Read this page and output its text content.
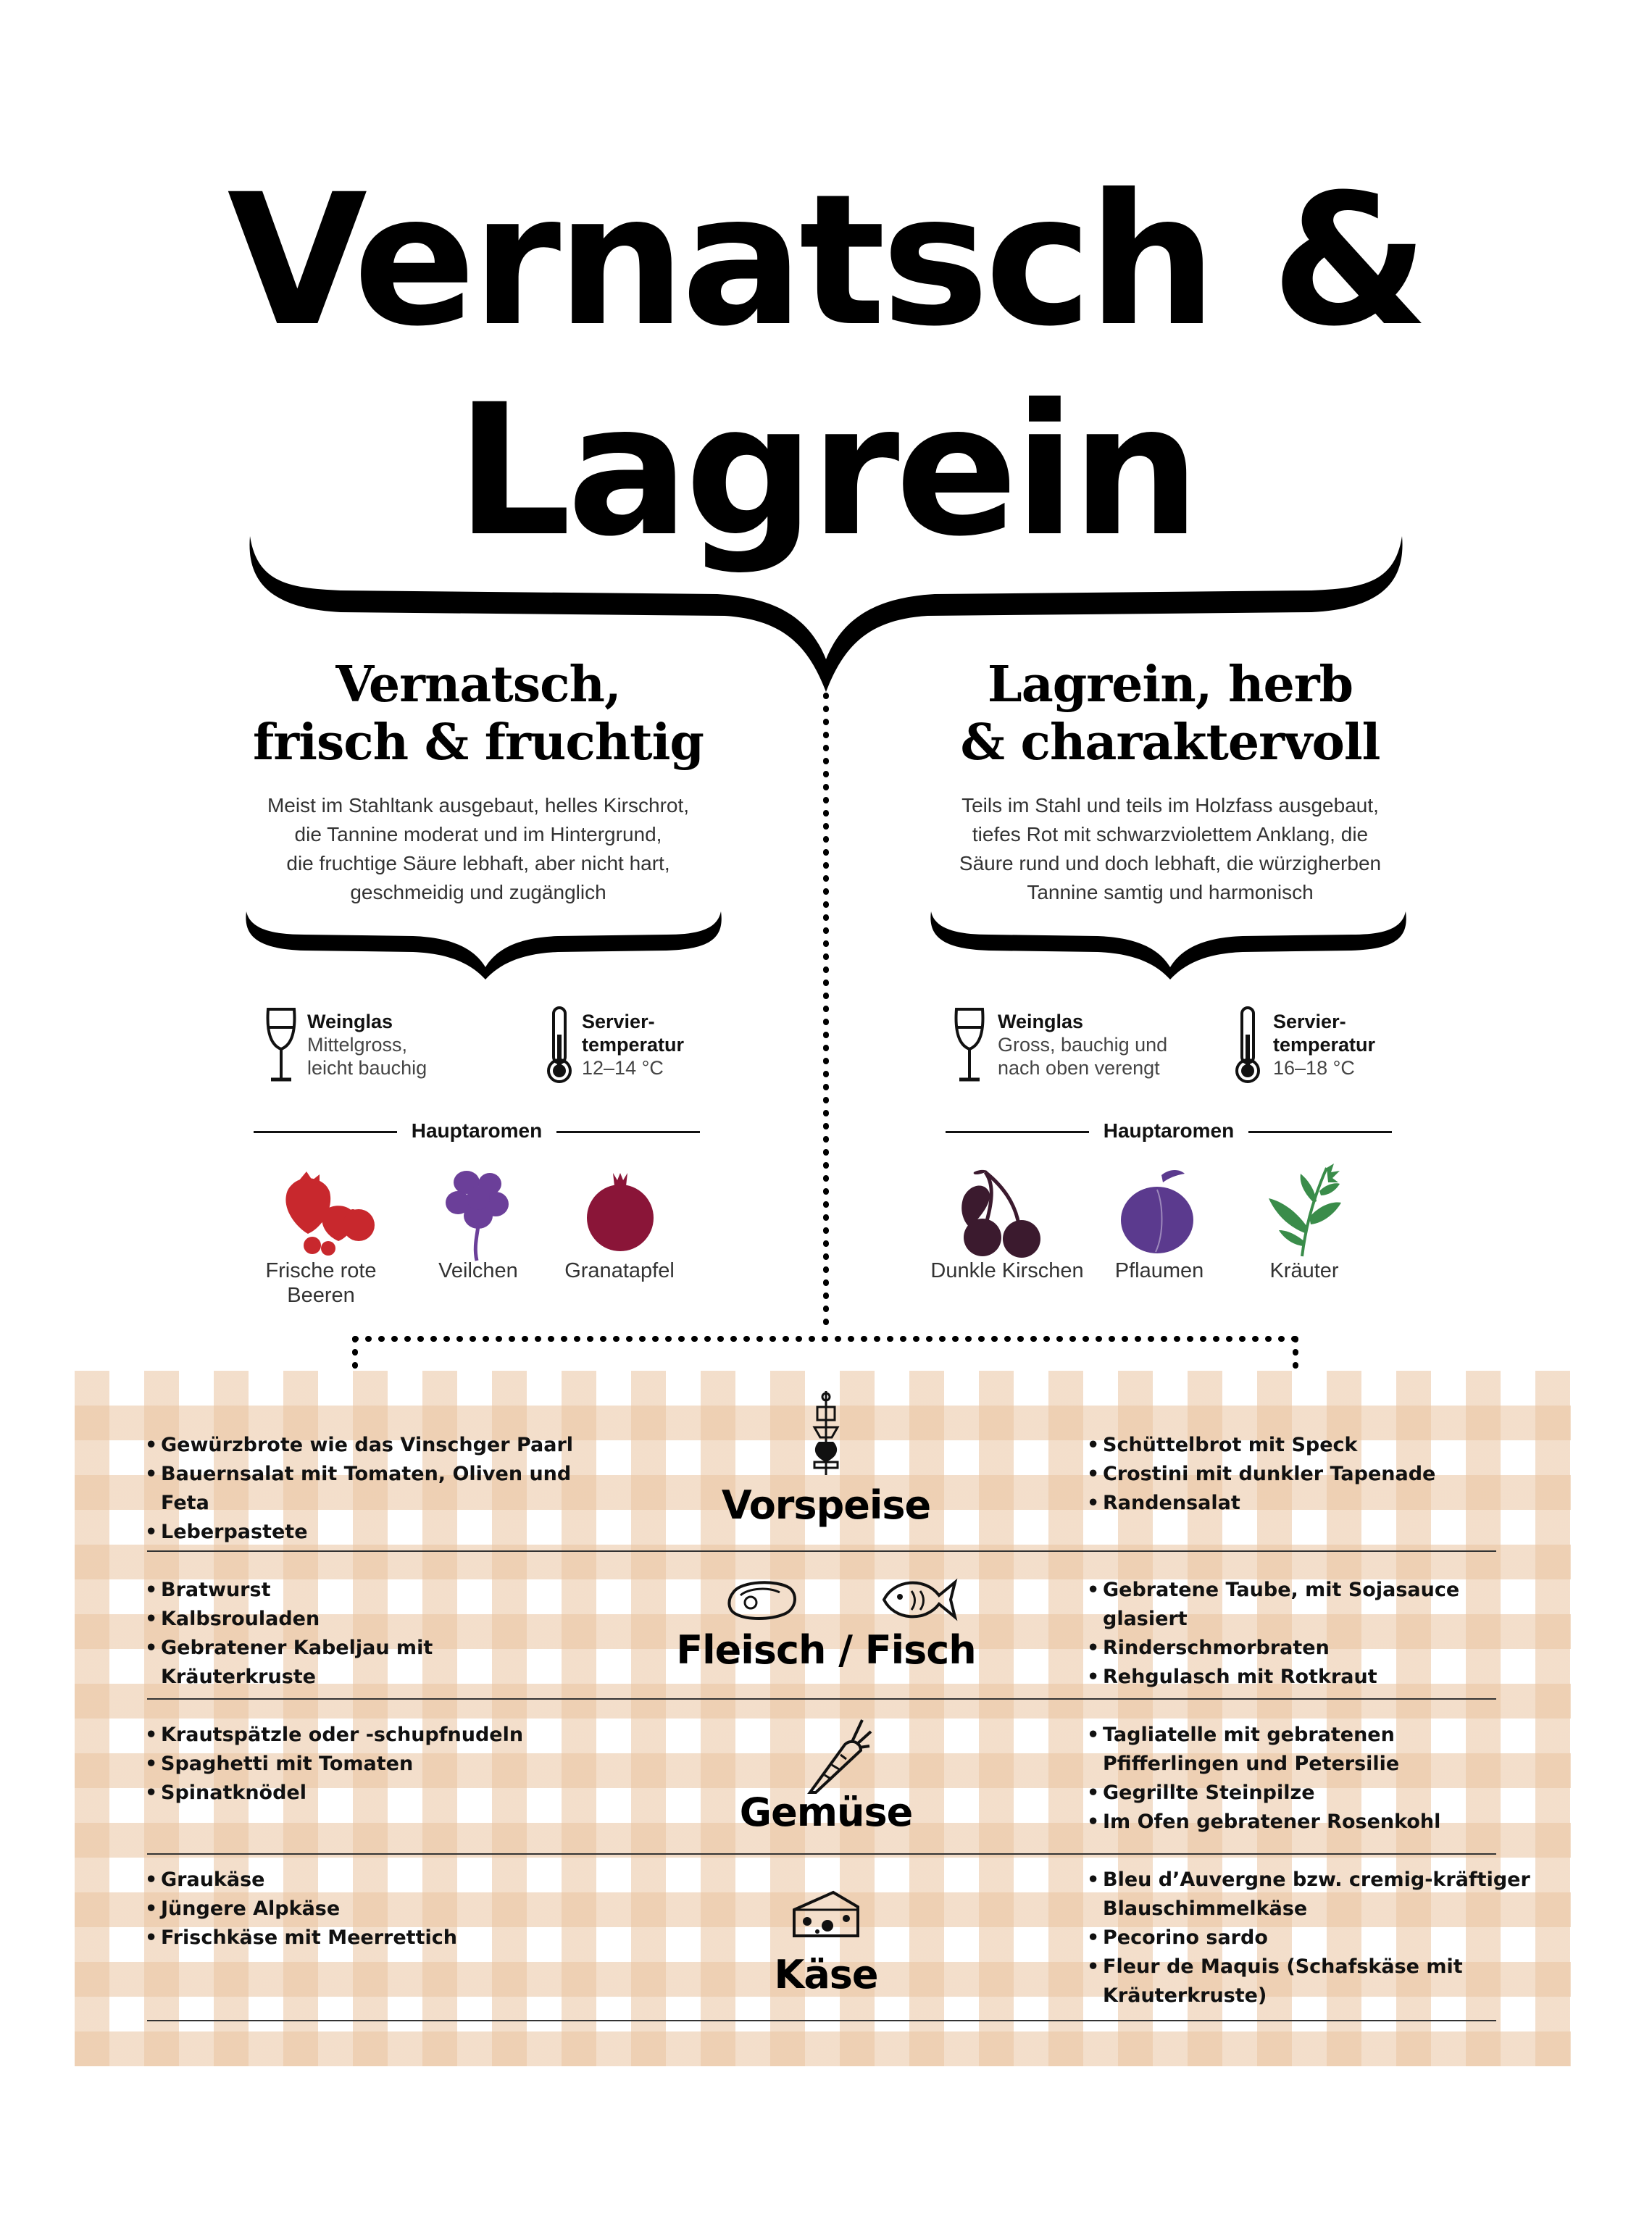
Vernatsch &
Lagrein
Vernatsch,
frisch & fruchtig
Meist im Stahltank ausgebaut, helles Kirschrot,
die Tannine moderat und im Hintergrund,
die fruchtige Säure lebhaft, aber nicht hart,
geschmeidig und zugänglich
Lagrein, herb
& charaktervoll
Teils im Stahl und teils im Holzfass ausgebaut,
tiefes Rot mit schwarzviolettem Anklang, die
Säure rund und doch lebhaft, die würzigherben
Tannine samtig und harmonisch
Weinglas
Mittelgross,
leicht bauchig
Servier-
temperatur
12–14 °C
Weinglas
Gross, bauchig und
nach oben verengt
Servier-
temperatur
16–18 °C
Hauptaromen	Hauptaromen
Frische rote
Beeren
Veilchen	Granatapfel	Dunkle Kirschen	Pflaumen	Kräuter
• Gewürzbrote wie das Vinschger Paarl
• Bauernsalat mit Tomaten, Oliven und Feta
• Leberpastete
Vorspeise
• Schüttelbrot mit Speck
• Crostini mit dunkler Tapenade
• Randensalat
• Bratwurst
• Kalbsrouladen
• Gebratener Kabeljau mit Kräuterkruste
Fleisch / Fisch
• Gebratene Taube, mit Sojasauce glasiert
• Rinderschmorbraten
• Rehgulasch mit Rotkraut
• Krautspätzle oder -schupfnudeln
• Spaghetti mit Tomaten
• Spinatknödel	Gemüse
• Tagliatelle mit gebratenen Pfifferlingen und Petersilie
• Gegrillte Steinpilze
• Im Ofen gebratener Rosenkohl
• Graukäse
• Jüngere Alpkäse
• Frischkäse mit Meerrettich
Käse
• Bleu d’Auvergne bzw. cremig-kräftiger Blauschimmelkäse
• Pecorino sardo
• Fleur de Maquis (Schafskäse mit Kräuterkruste)
